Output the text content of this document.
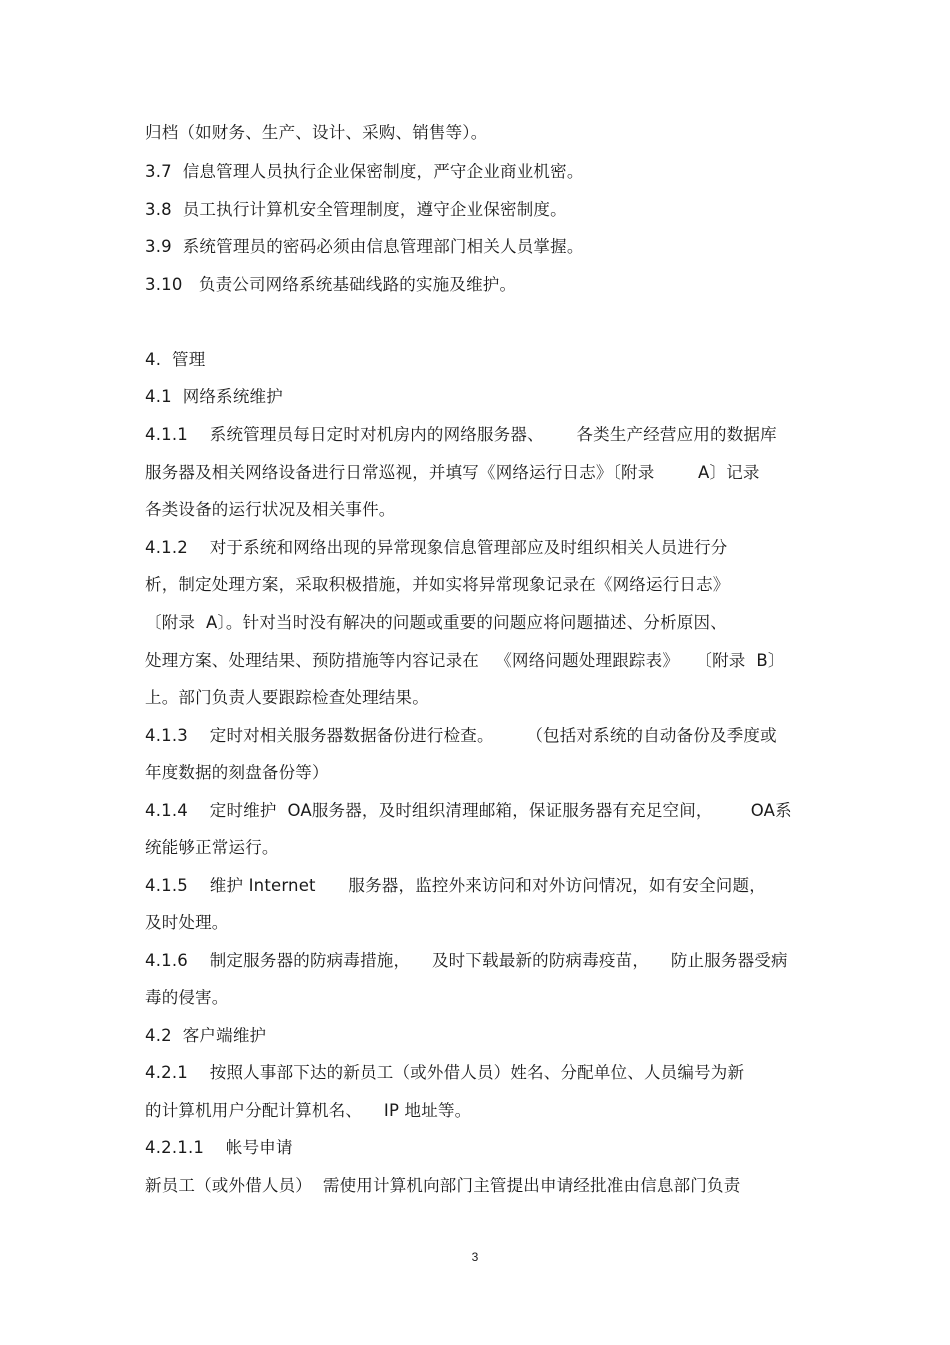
归档（如财务、生产、设计、采购、销售等）。
3.7  信息管理人员执行企业保密制度，严守企业商业机密。
3.8  员工执行计算机安全管理制度，遵守企业保密制度。
3.9  系统管理员的密码必须由信息管理部门相关人员掌握。
3.10   负责公司网络系统基础线路的实施及维护。
4.  管理
4.1  网络系统维护
4.1.1    系统管理员每日定时对机房内的网络服务器、      各类生产经营应用的数据库
服务器及相关网络设备进行日常巡视，并填写《网络运行日志》〔附录        A〕记录
各类设备的运行状况及相关事件。
4.1.2    对于系统和网络出现的异常现象信息管理部应及时组织相关人员进行分
析，制定处理方案，采取积极措施，并如实将异常现象记录在《网络运行日志》
〔附录  A〕。针对当时没有解决的问题或重要的问题应将问题描述、分析原因、
处理方案、处理结果、预防措施等内容记录在   《网络问题处理跟踪表》   〔附录  B〕
上。部门负责人要跟踪检查处理结果。
4.1.3    定时对相关服务器数据备份进行检查。      （包括对系统的自动备份及季度或
年度数据的刻盘备份等）
4.1.4    定时维护  OA服务器，及时组织清理邮箱，保证服务器有充足空间，       OA系
统能够正常运行。
4.1.5    维护 Internet      服务器，监控外来访问和对外访问情况，如有安全问题，
及时处理。
4.1.6    制定服务器的防病毒措施，    及时下载最新的防病毒疫苗，    防止服务器受病
毒的侵害。
4.2  客户端维护
4.2.1    按照人事部下达的新员工（或外借人员）姓名、分配单位、人员编号为新
的计算机用户分配计算机名、    IP 地址等。
4.2.1.1    帐号申请
新员工（或外借人员）  需使用计算机向部门主管提出申请经批准由信息部门负责
3
